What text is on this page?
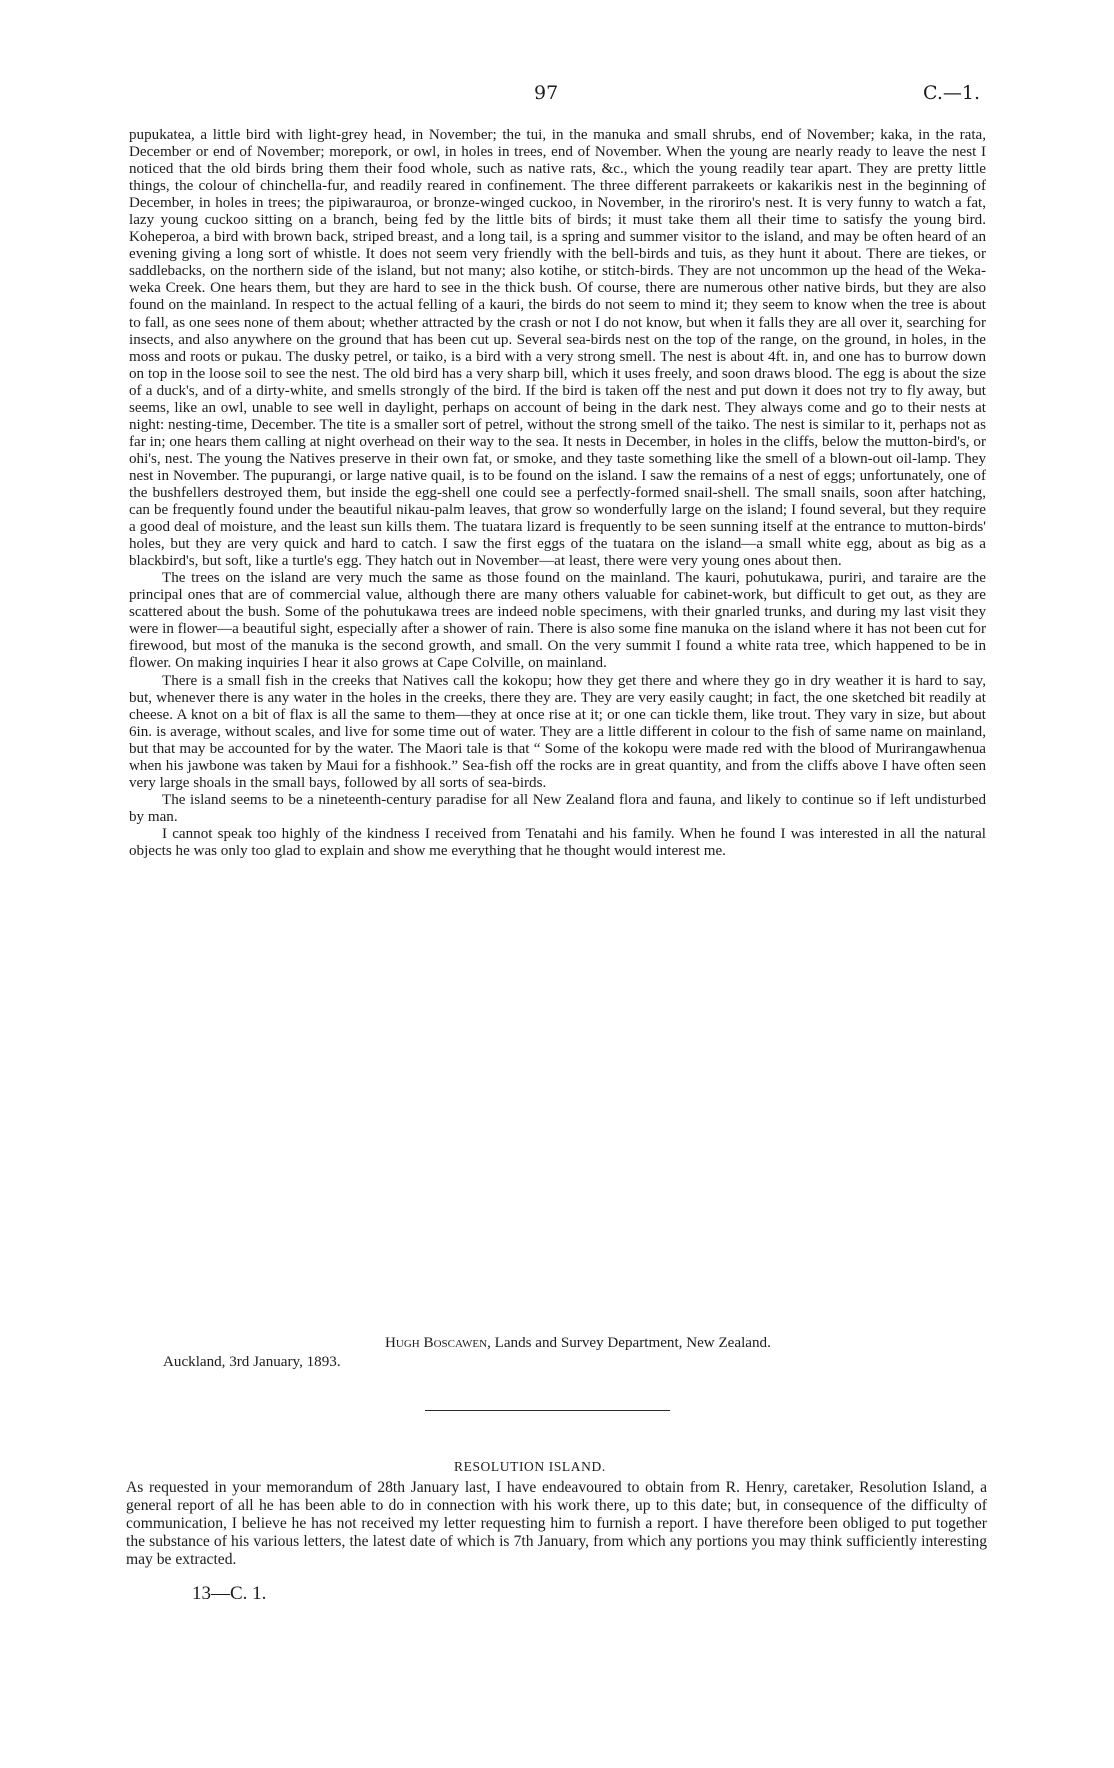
97	C.—1.

pupukatea, a little bird with light-grey head, in November; the tui, in the manuka and small shrubs, end of November; kaka, in the rata, December or end of November; morepork, or owl, in holes in trees, end of November. When the young are nearly ready to leave the nest I noticed that the old birds bring them their food whole, such as native rats, &c., which the young readily tear apart. They are pretty little things, the colour of chinchella-fur, and readily reared in confinement. The three different parrakeets or kakarikis nest in the beginning of December, in holes in trees; the pipiwarauroa, or bronze-winged cuckoo, in November, in the riroriro's nest. It is very funny to watch a fat, lazy young cuckoo sitting on a branch, being fed by the little bits of birds; it must take them all their time to satisfy the young bird. Koheperoa, a bird with brown back, striped breast, and a long tail, is a spring and summer visitor to the island, and may be often heard of an evening giving a long sort of whistle. It does not seem very friendly with the bell-birds and tuis, as they hunt it about. There are tiekes, or saddlebacks, on the northern side of the island, but not many; also kotihe, or stitch-birds. They are not uncommon up the head of the Weka-weka Creek. One hears them, but they are hard to see in the thick bush. Of course, there are numerous other native birds, but they are also found on the mainland. In respect to the actual felling of a kauri, the birds do not seem to mind it; they seem to know when the tree is about to fall, as one sees none of them about; whether attracted by the crash or not I do not know, but when it falls they are all over it, searching for insects, and also anywhere on the ground that has been cut up. Several sea-birds nest on the top of the range, on the ground, in holes, in the moss and roots or pukau. The dusky petrel, or taiko, is a bird with a very strong smell. The nest is about 4ft. in, and one has to burrow down on top in the loose soil to see the nest. The old bird has a very sharp bill, which it uses freely, and soon draws blood. The egg is about the size of a duck's, and of a dirty-white, and smells strongly of the bird. If the bird is taken off the nest and put down it does not try to fly away, but seems, like an owl, unable to see well in daylight, perhaps on account of being in the dark nest. They always come and go to their nests at night: nesting-time, December. The tite is a smaller sort of petrel, without the strong smell of the taiko. The nest is similar to it, perhaps not as far in; one hears them calling at night overhead on their way to the sea. It nests in December, in holes in the cliffs, below the mutton-bird's, or ohi's, nest. The young the Natives preserve in their own fat, or smoke, and they taste something like the smell of a blown-out oil-lamp. They nest in November. The pupurangi, or large native quail, is to be found on the island. I saw the remains of a nest of eggs; unfortunately, one of the bushfellers destroyed them, but inside the egg-shell one could see a perfectly-formed snail-shell. The small snails, soon after hatching, can be frequently found under the beautiful nikau-palm leaves, that grow so wonderfully large on the island; I found several, but they require a good deal of moisture, and the least sun kills them. The tuatara lizard is frequently to be seen sunning itself at the entrance to mutton-birds' holes, but they are very quick and hard to catch. I saw the first eggs of the tuatara on the island—a small white egg, about as big as a blackbird's, but soft, like a turtle's egg. They hatch out in November—at least, there were very young ones about then.

The trees on the island are very much the same as those found on the mainland. The kauri, pohutukawa, puriri, and taraire are the principal ones that are of commercial value, although there are many others valuable for cabinet-work, but difficult to get out, as they are scattered about the bush. Some of the pohutukawa trees are indeed noble specimens, with their gnarled trunks, and during my last visit they were in flower—a beautiful sight, especially after a shower of rain. There is also some fine manuka on the island where it has not been cut for firewood, but most of the manuka is the second growth, and small. On the very summit I found a white rata tree, which happened to be in flower. On making inquiries I hear it also grows at Cape Colville, on mainland.

There is a small fish in the creeks that Natives call the kokopu; how they get there and where they go in dry weather it is hard to say, but, whenever there is any water in the holes in the creeks, there they are. They are very easily caught; in fact, the one sketched bit readily at cheese. A knot on a bit of flax is all the same to them—they at once rise at it; or one can tickle them, like trout. They vary in size, but about 6in. is average, without scales, and live for some time out of water. They are a little different in colour to the fish of same name on mainland, but that may be accounted for by the water. The Maori tale is that “ Some of the kokopu were made red with the blood of Murirangawhenua when his jawbone was taken by Maui for a fishhook.” Sea-fish off the rocks are in great quantity, and from the cliffs above I have often seen very large shoals in the small bays, followed by all sorts of sea-birds.

The island seems to be a nineteenth-century paradise for all New Zealand flora and fauna, and likely to continue so if left undisturbed by man.

I cannot speak too highly of the kindness I received from Tenatahi and his family. When he found I was interested in all the natural objects he was only too glad to explain and show me everything that he thought would interest me.

Hugh Boscawen, Lands and Survey Department, New Zealand.
Auckland, 3rd January, 1893.
RESOLUTION ISLAND.
As requested in your memorandum of 28th January last, I have endeavoured to obtain from R. Henry, caretaker, Resolution Island, a general report of all he has been able to do in connection with his work there, up to this date; but, in consequence of the difficulty of communication, I believe he has not received my letter requesting him to furnish a report. I have therefore been obliged to put together the substance of his various letters, the latest date of which is 7th January, from which any portions you may think sufficiently interesting may be extracted.
13—C. 1.
